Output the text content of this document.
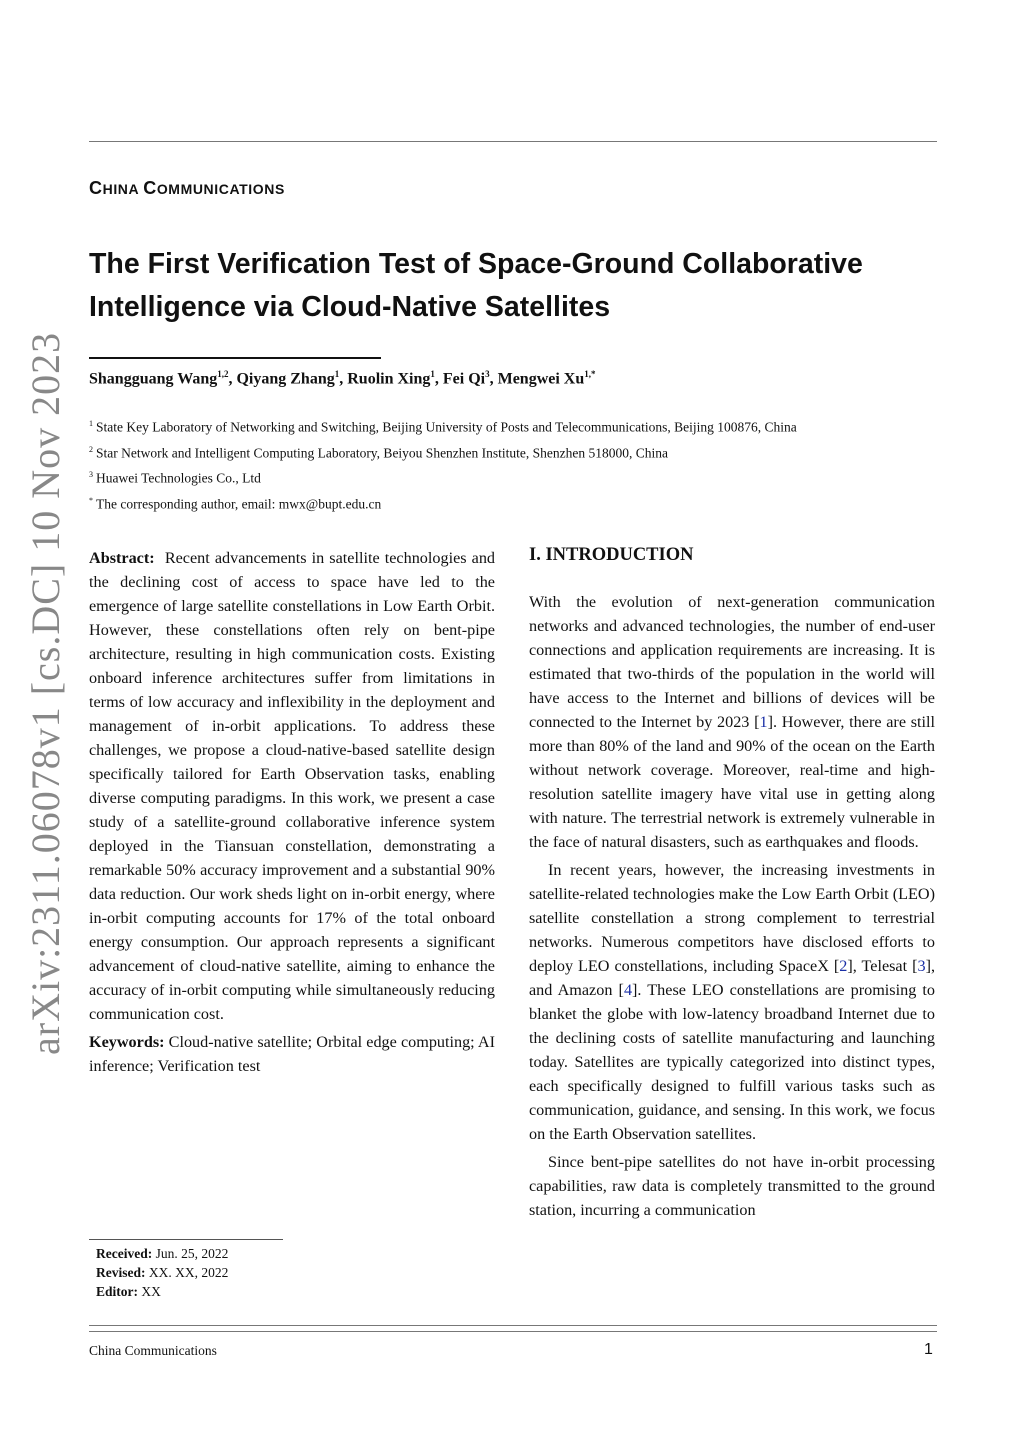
CHINA COMMUNICATIONS
The First Verification Test of Space-Ground Collaborative Intelligence via Cloud-Native Satellites
Shangguang Wang$^{1,2}$, Qiyang Zhang$^1$, Ruolin Xing$^1$, Fei Qi$^3$, Mengwei $Xu^{1,*}$
$^1$ State Key Laboratory of Networking and Switching, Beijing University of Posts and Telecommunications, Beijing 100876, China
$^2$ Star Network and Intelligent Computing Laboratory, Beiyou Shenzhen Institute, Shenzhen 518000, China
$^3$ Huawei Technologies Co., Ltd
* The corresponding author, email: mwx@bupt.edu.cn
arXiv:2311.06078v1 [cs.DC] 10 Nov 2023 Abstract: Recent advancements in satellite technologies and the declining cost of access to space have led to the emergence of large satellite constellations in Low Earth Orbit. However, these constellations often rely on bent-pipe architecture, resulting in high communication costs. Existing onboard inference architectures suffer from limitations in terms of low accuracy and inflexibility in the deployment and management of in-orbit applications. To address these challenges, we propose a cloud-native-based satellite design specifically tailored for Earth Observation tasks, enabling diverse computing paradigms. In this work, we present a case study of a satellite-ground collaborative inference system deployed in the Tiansuan constellation, demonstrating a remarkable 50% accuracy improvement and a substantial 90% data reduction. Our work sheds light on in-orbit energy, where in-orbit computing accounts for 17% of the total onboard energy consumption. Our approach represents a significant advancement of cloud-native satellite, aiming to enhance the accuracy of in-orbit computing while simultaneously reducing communication cost.

Keywords: Cloud-native satellite; Orbital edge computing; AI inference; Verification test

I. INTRODUCTION

With the evolution of next-generation communication networks and advanced technologies, the number of end-user connections and application requirements are increasing. It is estimated that two-thirds of the population in the world will have access to the Internet and billions of devices will be connected to the Internet by 2023 [1]. However, there are still more than 80% of the land and 90% of the ocean on the Earth without network coverage. Moreover, real-time and high-resolution satellite imagery have vital use in getting along with nature. The terrestrial network is extremely vulnerable in the face of natural disasters, such as earthquakes and floods.

In recent years, however, the increasing investments in satellite-related technologies make the Low Earth Orbit (LEO) satellite constellation a strong complement to terrestrial networks. Numerous competitors have disclosed efforts to deploy LEO constellations, including SpaceX [2], Telesat [3], and Amazon [4]. These LEO constellations are promising to blanket the globe with low-latency broadband Internet due to the declining costs of satellite manufacturing and launching today. Satellites are typically categorized into distinct types, each specifically designed to fulfill various tasks such as communication, guidance, and sensing. In this work, we focus on the Earth Observation satellites.

Since bent-pipe satellites do not have in-orbit processing capabilities, raw data is completely transmitted to the ground station, incurring a communication

Received: Jun. 25, 2022
Revised: XX. XX, 2022
Editor: XX
China Communications	1
